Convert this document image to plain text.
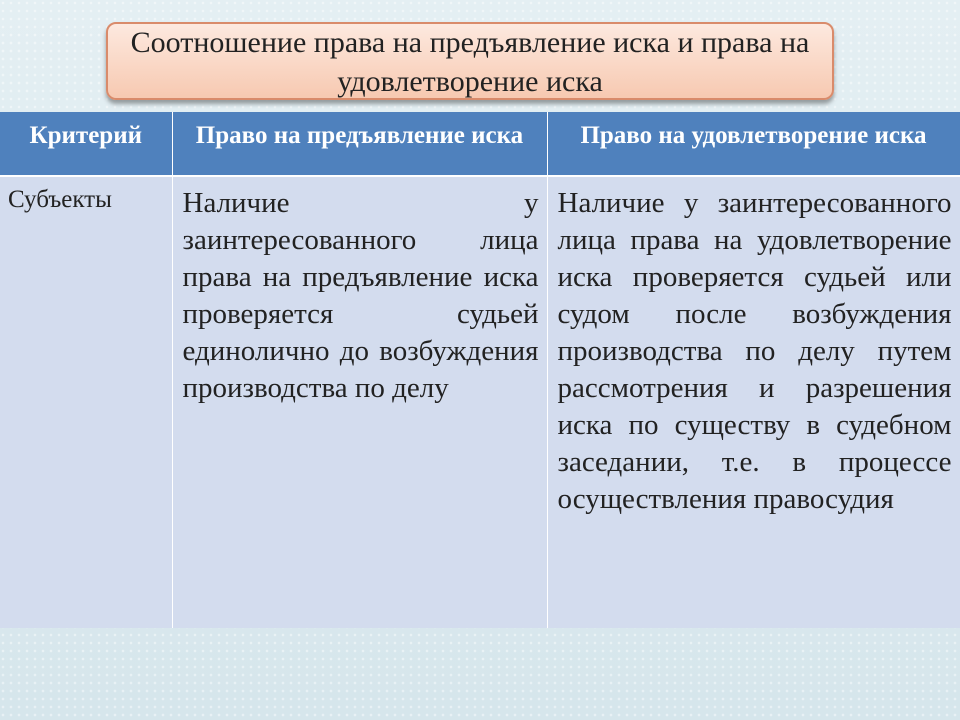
Соотношение права на предъявление иска и права на удовлетворение иска
Критерий	Право на предъявление иска	Право на удовлетворение иска
Субъекты	Наличие у заинтересованного лица права на предъявление иска проверяется судьей единолично до возбуждения производства по делу	Наличие у заинтересованного лица права на удовлетворение иска проверяется судьей или судом после возбуждения производства по делу путем рассмотрения и разрешения иска по существу в судебном заседании, т.е. в процессе осуществления правосудия
